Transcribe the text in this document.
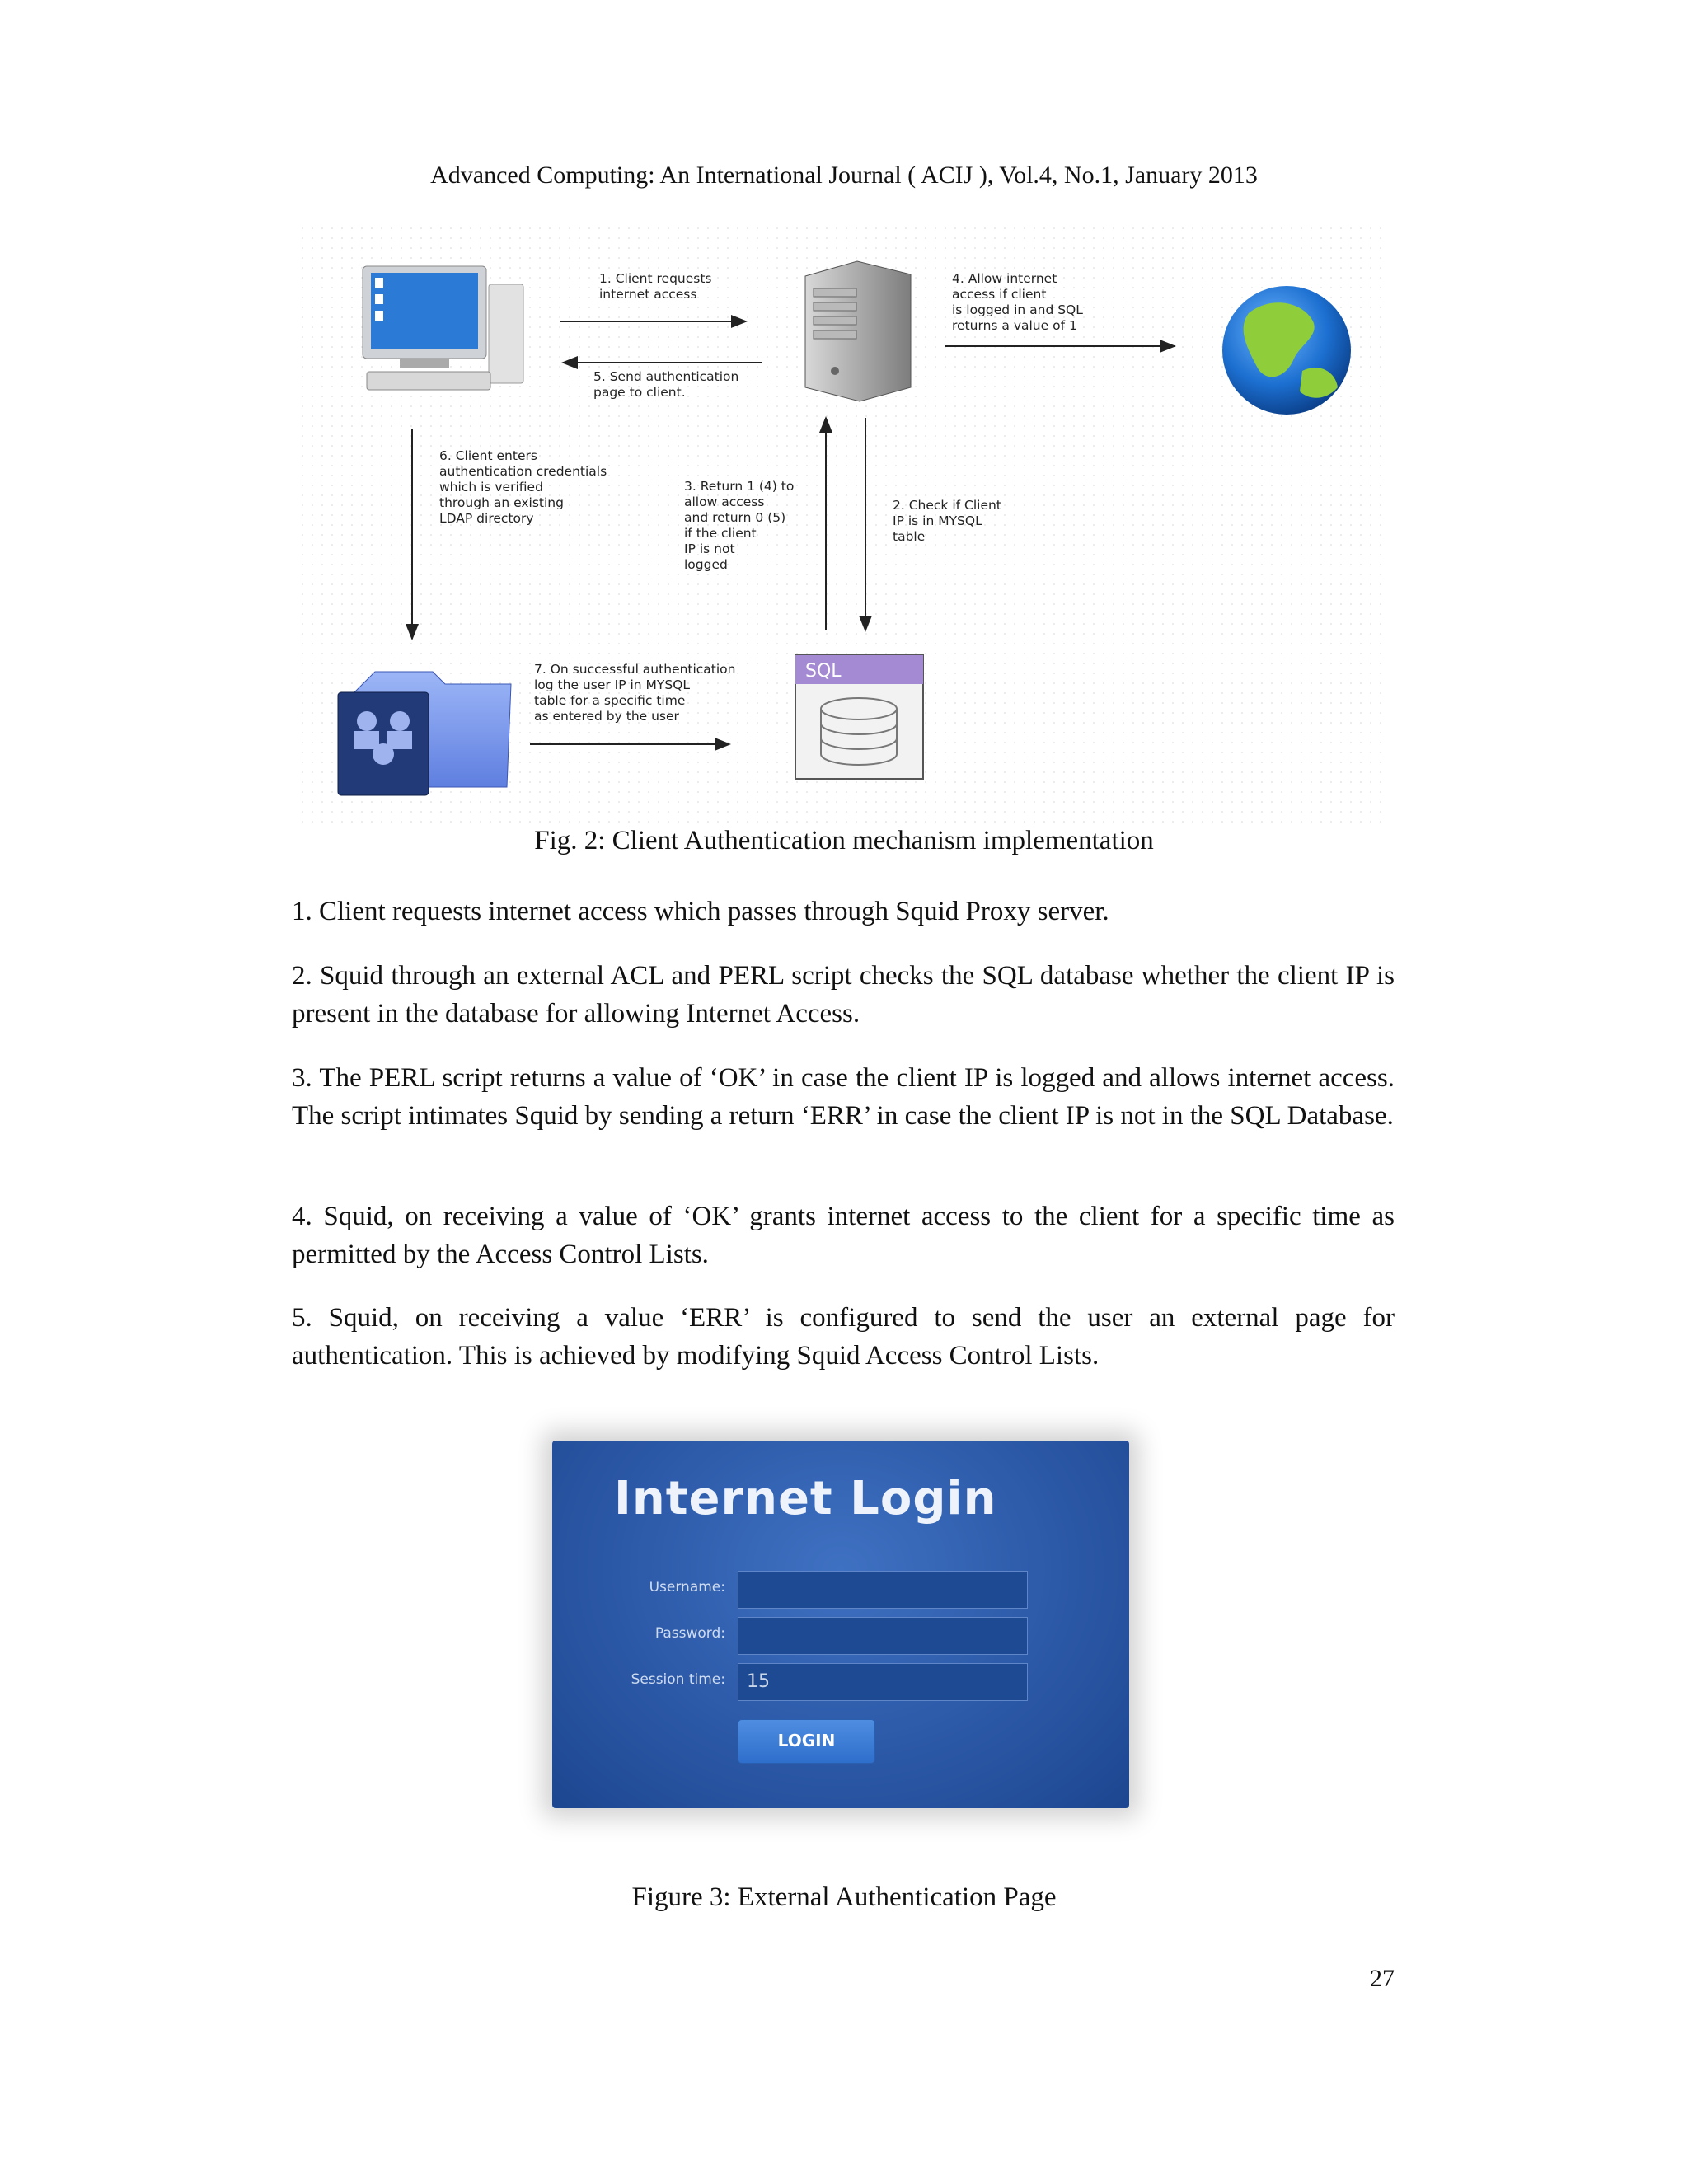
Advanced Computing: An International Journal ( ACIJ ), Vol.4, No.1, January 2013
SQL
1. Client requests internet access
5. Send authentication page to client.
4. Allow internet access if client is logged in and SQL returns a value of 1
6. Client enters authentication credentials which is verified through an existing LDAP directory
3. Return 1 (4) to allow access and return 0 (5) if the client IP is not logged
2. Check if Client IP is in MYSQL table
7. On successful authentication log the user IP in MYSQL table for a specific time as entered by the user
Fig. 2: Client Authentication mechanism implementation

1. Client requests internet access which passes through Squid Proxy server.

2. Squid through an external ACL and PERL script checks the SQL database whether the client IP is present in the database for allowing Internet Access.

3. The PERL script returns a value of ‘OK’ in case the client IP is logged and allows internet access. The script intimates Squid by sending a return ‘ERR’ in case the client IP is not in the SQL Database.

4. Squid, on receiving a value of ‘OK’ grants internet access to the client for a specific time as permitted by the Access Control Lists.

5. Squid, on receiving a value ‘ERR’ is configured to send the user an external page for authentication. This is achieved by modifying Squid Access Control Lists.

Internet Login
Username:
Password:
Session time:	15
LOGIN
Figure 3: External Authentication Page
27
